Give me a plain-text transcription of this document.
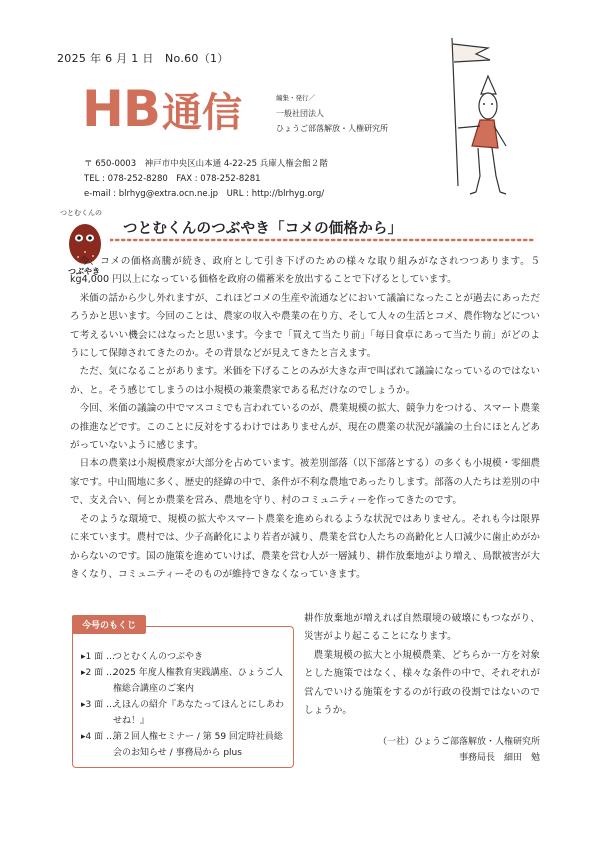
2025 年 6 月 1 日　No.60（1）
HB 通信	編集・発行／
一般社団法人
ひょうご部落解放・人権研究所
〒 650-0003　神戸市中央区山本通 4-22-25 兵庫人権会館２階
TEL : 078-252-8280　FAX : 078-252-8281
e-mail : blrhyg@extra.ocn.ne.jp　URL : http://blrhyg.org/
つとむくんの
つぶやき
つとむくんのつぶやき「コメの価格から」

今、コメの価格高騰が続き、政府として引き下げのための様々な取り組みがなされつつあります。５kg4,000 円以上になっている価格を政府の備蓄米を放出することで下げるとしています。

米価の話から少し外れますが、これほどコメの生産や流通などにおいて議論になったことが過去にあっただろうかと思います。今回のことは、農家の収入や農業の在り方、そして人々の生活とコメ、農作物などについて考えるいい機会にはなったと思います。今まで「買えて当たり前」「毎日食卓にあって当たり前」がどのようにして保障されてきたのか。その背景などが見えてきたと言えます。

ただ、気になることがあります。米価を下げることのみが大きな声で叫ばれて議論になっているのではないか、と。そう感じてしまうのは小規模の兼業農家である私だけなのでしょうか。

今回、米価の議論の中でマスコミでも言われているのが、農業規模の拡大、競争力をつける、スマート農業の推進などです。このことに反対をするわけではありませんが、現在の農業の状況が議論の土台にほとんどあがっていないように感じます。

日本の農業は小規模農家が大部分を占めています。被差別部落（以下部落とする）の多くも小規模・零細農家です。中山間地に多く、歴史的経緯の中で、条件が不利な農地であったりします。部落の人たちは差別の中で、支え合い、何とか農業を営み、農地を守り、村のコミュニティーを作ってきたのです。

そのような環境で、規模の拡大やスマート農業を進められるような状況ではありません。それも今は限界に来ています。農村では、少子高齢化により若者が減り、農業を営む人たちの高齢化と人口減少に歯止めがかからないのです。国の施策を進めていけば、農業を営む人が一層減り、耕作放棄地がより増え、鳥獣被害が大きくなり、コミュニティーそのものが維持できなくなっていきます。

耕作放棄地が増えれば自然環境の破壊にもつながり、災害がより起こることになります。

農業規模の拡大と小規模農業、どちらか一方を対象とした施策ではなく、様々な条件の中で、それぞれが営んでいける施策をするのが行政の役割ではないのでしょうか。

今号のもくじ
▸1 面 …
つとむくんのつぶやき
▸2 面 …
2025 年度人権教育実践講座、ひょうご人権総合講座のご案内
▸3 面 …
えほんの紹介『あなたってほんとにしあわせね！』
▸4 面 …
第２回人権セミナー / 第 59 回定時社員総会のお知らせ / 事務局から plus
（一社）ひょうご部落解放・人権研究所
事務局長　細田　勉
